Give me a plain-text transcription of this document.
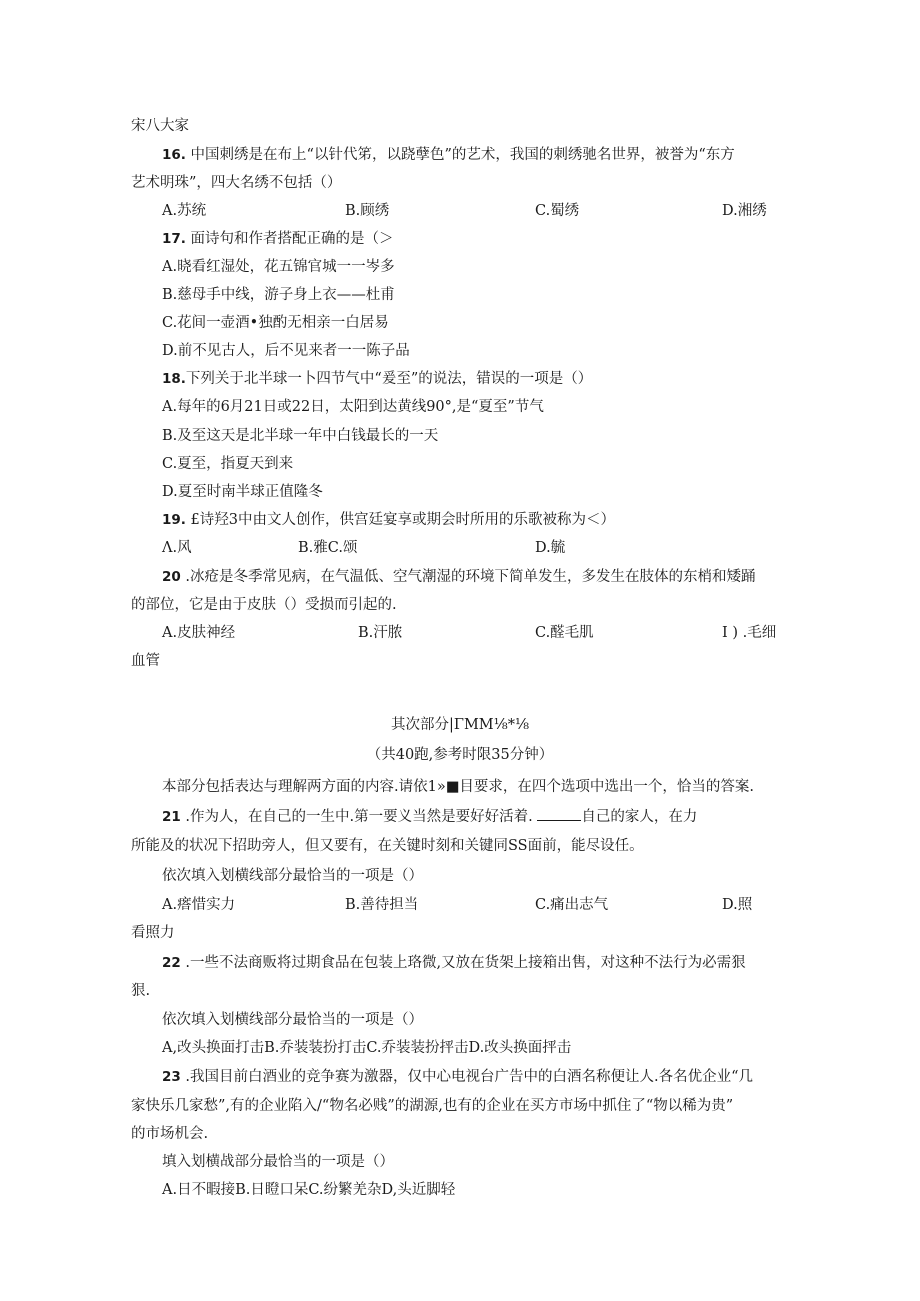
宋八大家
16. 中国刺绣是在布上“以针代笫，以跷孽色”的艺术，我国的刺绣驰名世界，被誉为“东方
艺术明珠”，四大名绣不包括（）
A.苏统	B.顾绣	C.蜀绣	D.湘绣
17. 面诗句和作者搭配正确的是（＞
A.晓看红湿处，花五锦官城一一岑多
B.慈母手中线，游子身上衣——杜甫
C.花间一壶酒•独酌无相亲一白居易
D.前不见古人，后不见来者一一陈子品
18.下列关于北半球一卜四节气中“爰至”的说法，错误的一项是（）
A.每年的6月21日或22日，太阳到达黄线90°,是“夏至”节气
B.及至这天是北半球一年中白钱最长的一天
C.夏至，指夏天到来
D.夏至时南半球正值隆冬
19. £诗羟3中由文人创作，供宫廷宴享或期会时所用的乐歌被称为＜）
Λ.风	B.雅C.颂	D.毓
20 .冰疮是冬季常见病，在气温低、空气潮湿的环境下简单发生，多发生在肢体的东梢和矮踊
的部位，它是由于皮肤（）受损而引起的.
A.皮肤神经	B.汗脓	C.醛毛肌	I ) .毛细
血管
其次部分|ΓMM⅛*⅛
（共40跑,参考时限35分钟）
本部分包括表达与理解两方面的内容.请依1»■目要求，在四个选项中选出一个，恰当的答案.
21 .作为人，在自己的一生中.第一要义当然是要好好活着.	自己的家人，在力
所能及的状况下招助旁人，但又要有，在关键时刻和关键同SS面前，能尽设任。
依次填入划横线部分最恰当的一项是（）
A.瘩惜实力	B.善待担当	C.痛出志气	D.照
看照力
22 .一些不法商贩将过期食品在包装上珞微,又放在货架上接箱出售，对这种不法行为必需狠
狠.
依次填入划横线部分最恰当的一项是（）
A,改头换面打击B.乔装装扮打击C.乔装装扮抨击D.改头换面抨击
23 .我国目前白酒业的竞争赛为激器，仅中心电视台广告中的白酒名称便让人.各名优企业“几
家快乐几家愁”,有的企业陷入/“物名必贱”的湖源,也有的企业在买方市场中抓住了“物以稀为贵”
的市场机会.
填入划横战部分最恰当的一项是（）
A.日不暇接B.日瞪口呆C.纷繁羌杂D,头近脚轻
